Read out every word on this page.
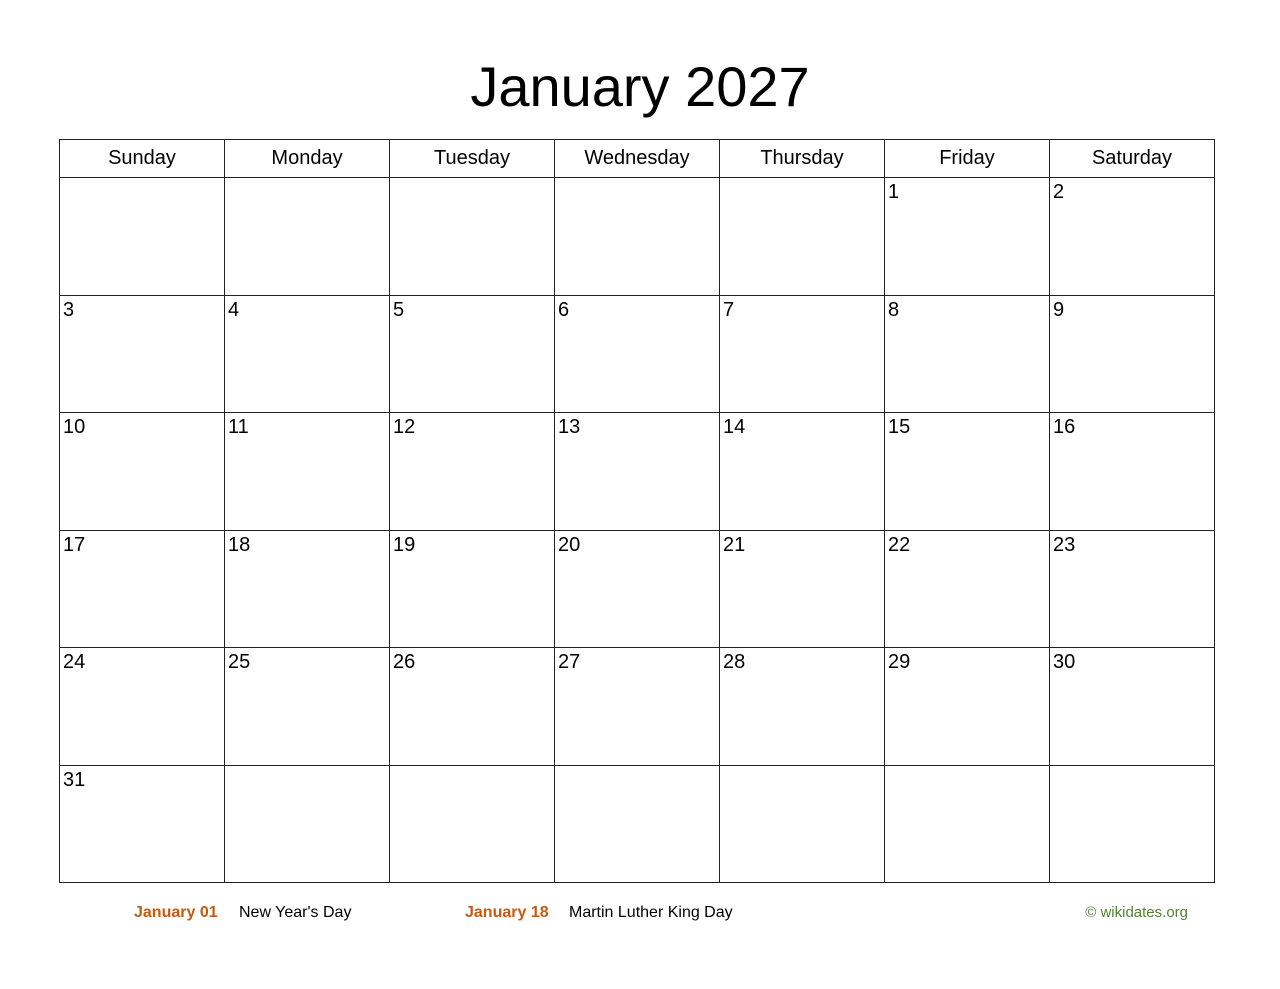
January 2027
Sunday	Monday	Tuesday	Wednesday	Thursday	Friday	Saturday

					1	2

3	4	5	6	7	8	9

10	11	12	13	14	15	16

17	18	19	20	21	22	23

24	25	26	27	28	29	30

31						

January 01 New Year's Day	January 18 Martin Luther King Day	© wikidates.org
